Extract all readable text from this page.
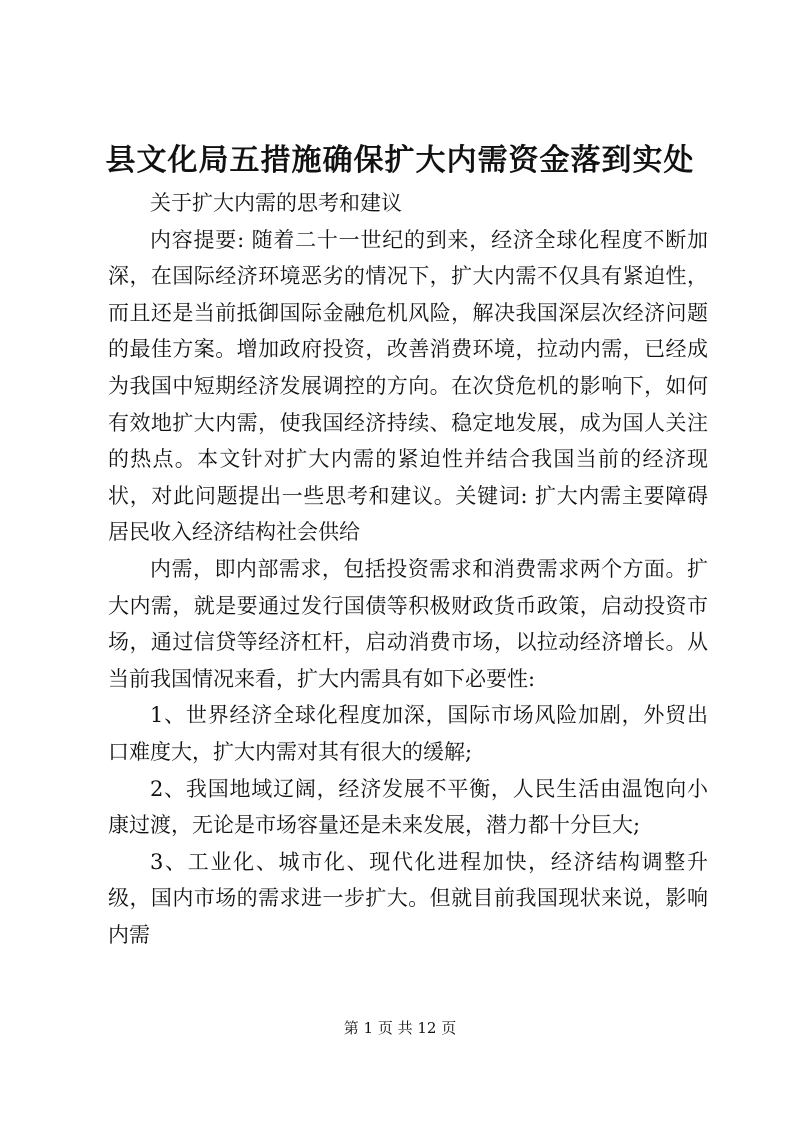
县文化局五措施确保扩大内需资金落到实处

关于扩大内需的思考和建议

内容提要: 随着二十一世纪的到来，经济全球化程度不断加深，在国际经济环境恶劣的情况下，扩大内需不仅具有紧迫性，而且还是当前抵御国际金融危机风险，解决我国深层次经济问题的最佳方案。增加政府投资，改善消费环境，拉动内需，已经成为我国中短期经济发展调控的方向。在次贷危机的影响下，如何有效地扩大内需，使我国经济持续、稳定地发展，成为国人关注的热点。本文针对扩大内需的紧迫性并结合我国当前的经济现状，对此问题提出一些思考和建议。关键词: 扩大内需主要障碍居民收入经济结构社会供给

内需，即内部需求，包括投资需求和消费需求两个方面。扩大内需，就是要通过发行国债等积极财政货币政策，启动投资市场，通过信贷等经济杠杆，启动消费市场，以拉动经济增长。从当前我国情况来看，扩大内需具有如下必要性:

1、世界经济全球化程度加深，国际市场风险加剧，外贸出口难度大，扩大内需对其有很大的缓解;

2、我国地域辽阔，经济发展不平衡，人民生活由温饱向小康过渡，无论是市场容量还是未来发展，潜力都十分巨大;

3、工业化、城市化、现代化进程加快，经济结构调整升级，国内市场的需求进一步扩大。但就目前我国现状来说，影响内需

第 1 页 共 12 页
